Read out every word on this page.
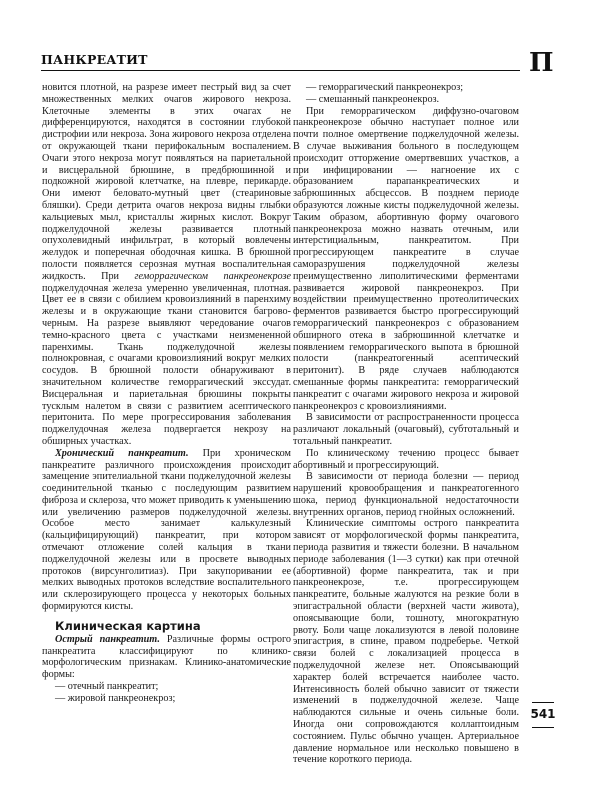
ПАНКРЕАТИТ	П

новится плотной, на разрезе имеет пестрый вид за счет множественных мелких очагов жирового некроза. Клеточные элементы в этих очагах не дифференцируются, находятся в состоянии глубокой дистрофии или некроза. Зона жирового некроза отделена от окружающей ткани перифокальным воспалением. Очаги этого некроза могут появляться на париетальной и висцеральной брюшине, в предбрюшинной и подкожной жировой клетчатке, на плевре, перикарде. Они имеют беловато-мутный цвет (стеариновые бляшки). Среди детрита очагов некроза видны глыбки кальциевых мыл, кристаллы жирных кислот. Вокруг поджелудочной железы развивается плотный опухолевидный инфильтрат, в который вовлечены желудок и поперечная ободочная кишка. В брюшной полости появляется серозная мутная воспалительная жидкость. При геморрагическом панкреонекрозе поджелудочная железа умеренно увеличенная, плотная. Цвет ее в связи с обилием кровоизлияний в паренхиму железы и в окружающие ткани становится багрово-черным. На разрезе выявляют чередование очагов темно-красного цвета с участками неизмененной паренхимы. Ткань поджелудочной железы полнокровная, с очагами кровоизлияний вокруг мелких сосудов. В брюшной полости обнаруживают в значительном количестве геморрагический экссудат. Висцеральная и париетальная брюшины покрыты тусклым налетом в связи с развитием асептического перитонита. По мере прогрессирования заболевания поджелудочная железа подвергается некрозу на обширных участках.

Хронический панкреатит. При хроническом панкреатите различного происхождения происходит замещение эпителиальной ткани поджелудочной железы соединительной тканью с последующим развитием фиброза и склероза, что может приводить к уменьшению или увеличению размеров поджелудочной железы. Особое место занимает калькулезный (кальцифицирующий) панкреатит, при котором отмечают отложение солей кальция в ткани поджелудочной железы или в просвете выводных протоков (вирсунголитиаз). При закупоривании ее мелких выводных протоков вследствие воспалительного или склерозирующего процесса у некоторых больных формируются кисты.

Клиническая картина

Острый панкреатит. Различные формы острого панкреатита классифицируют по клинико-морфологическим признакам. Клинико-анатомические формы:

— отечный панкреатит;

— жировой панкреонекроз;

— геморрагический панкреонекроз;

— смешанный панкреонекроз.

При геморрагическом диффузно-очаговом панкреонекрозе обычно наступает полное или почти полное омертвение поджелудочной железы. В случае выживания больного в последующем происходит отторжение омертвевших участков, а при инфицировании — нагноение их с образованием парапанкреатических и забрюшинных абсцессов. В позднем периоде образуются ложные кисты поджелудочной железы. Таким образом, абортивную форму очагового панкреонекроза можно назвать отечным, или интерстициальным, панкреатитом. При прогрессирующем панкреатите в случае саморазрушения поджелудочной железы преимущественно липолитическими ферментами развивается жировой панкреонекроз. При воздействии преимущественно протеолитических ферментов развивается быстро прогрессирующий геморрагический панкреонекроз с образованием обширного отека в забрюшинной клетчатке и появлением геморрагического выпота в брюшной полости (панкреатогенный асептический перитонит). В ряде случаев наблюдаются смешанные формы панкреатита: геморрагический панкреатит с очагами жирового некроза и жировой панкреонекроз с кровоизлияниями.

В зависимости от распространенности процесса различают локальный (очаговый), субтотальный и тотальный панкреатит.

По клиническому течению процесс бывает абортивный и прогрессирующий.

В зависимости от периода болезни — период нарушений кровообращения и панкреатогенного шока, период функциональной недостаточности внутренних органов, период гнойных осложнений.

Клинические симптомы острого панкреатита зависят от морфологической формы панкреатита, периода развития и тяжести болезни. В начальном периоде заболевания (1—3 сутки) как при отечной (абортивной) форме панкреатита, так и при панкреонекрозе, т.е. прогрессирующем панкреатите, больные жалуются на резкие боли в эпигастральной области (верхней части живота), опоясывающие боли, тошноту, многократную рвоту. Боли чаще локализуются в левой половине эпигастрия, в спине, правом подреберье. Четкой связи болей с локализацией процесса в поджелудочной железе нет. Опоясывающий характер болей встречается наиболее часто. Интенсивность болей обычно зависит от тяжести изменений в поджелудочной железе. Чаще наблюдаются сильные и очень сильные боли. Иногда они сопровождаются коллаптоидным состоянием. Пульс обычно учащен. Артериальное давление нормальное или несколько повышено в течение короткого периода.

541
